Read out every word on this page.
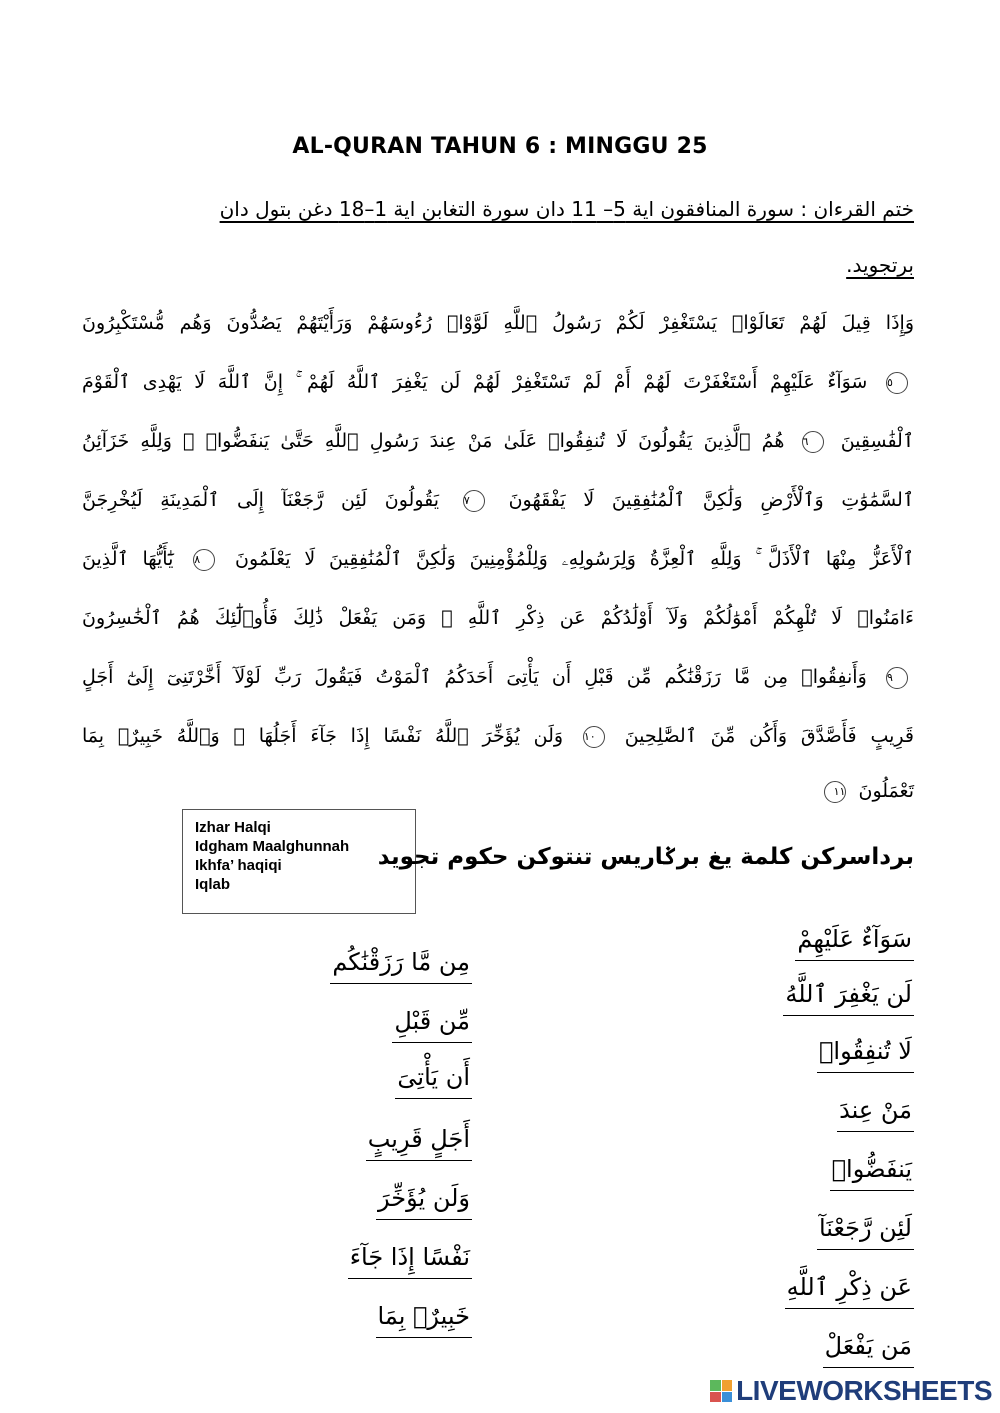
AL-QURAN TAHUN 6 : MINGGU 25
ختم القرءان : سورة المنافقون اية 5– 11 دان سورة التغابن اية 1–18 دغن بتول دان
برتجويد.
وَإِذَا قِيلَ لَهُمْ تَعَالَوْا۟ يَسْتَغْفِرْ لَكُمْ رَسُولُ ٱللَّهِ لَوَّوْا۟ رُءُوسَهُمْ وَرَأَيْتَهُمْ يَصُدُّونَ وَهُم مُّسْتَكْبِرُونَ
٥ سَوَآءٌ عَلَيْهِمْ أَسْتَغْفَرْتَ لَهُمْ أَمْ لَمْ تَسْتَغْفِرْ لَهُمْ لَن يَغْفِرَ ٱللَّهُ لَهُمْ ۚ إِنَّ ٱللَّهَ لَا يَهْدِى ٱلْقَوْمَ
ٱلْفَٰسِقِينَ ٦ هُمُ ٱلَّذِينَ يَقُولُونَ لَا تُنفِقُوا۟ عَلَىٰ مَنْ عِندَ رَسُولِ ٱللَّهِ حَتَّىٰ يَنفَضُّوا۟ ۗ وَلِلَّهِ خَزَآئِنُ
ٱلسَّمَٰوَٰتِ وَٱلْأَرْضِ وَلَٰكِنَّ ٱلْمُنَٰفِقِينَ لَا يَفْقَهُونَ ٧ يَقُولُونَ لَئِن رَّجَعْنَآ إِلَى ٱلْمَدِينَةِ لَيُخْرِجَنَّ
ٱلْأَعَزُّ مِنْهَا ٱلْأَذَلَّ ۚ وَلِلَّهِ ٱلْعِزَّةُ وَلِرَسُولِهِۦ وَلِلْمُؤْمِنِينَ وَلَٰكِنَّ ٱلْمُنَٰفِقِينَ لَا يَعْلَمُونَ ٨ يَٰٓأَيُّهَا ٱلَّذِينَ
ءَامَنُوا۟ لَا تُلْهِكُمْ أَمْوَٰلُكُمْ وَلَآ أَوْلَٰدُكُمْ عَن ذِكْرِ ٱللَّهِ ۚ وَمَن يَفْعَلْ ذَٰلِكَ فَأُو۟لَٰٓئِكَ هُمُ ٱلْخَٰسِرُونَ
٩ وَأَنفِقُوا۟ مِن مَّا رَزَقْنَٰكُم مِّن قَبْلِ أَن يَأْتِىَ أَحَدَكُمُ ٱلْمَوْتُ فَيَقُولَ رَبِّ لَوْلَآ أَخَّرْتَنِىٓ إِلَىٰٓ أَجَلٍ
قَرِيبٍ فَأَصَّدَّقَ وَأَكُن مِّنَ ٱلصَّٰلِحِينَ ١٠ وَلَن يُؤَخِّرَ ٱللَّهُ نَفْسًا إِذَا جَآءَ أَجَلُهَا ۚ وَٱللَّهُ خَبِيرٌۢ بِمَا
تَعْمَلُونَ ١١
Izhar Halqi
Idgham Maalghunnah
Ikhfa’ haqiqi
Iqlab
برداسركن كلمة يغ برݢاريس تنتوكن حكوم تجويد
سَوَآءٌ عَلَيْهِمْ
لَن يَغْفِرَ ٱللَّهُ
لَا تُنفِقُوا۟
مَنْ عِندَ
يَنفَضُّوا۟
لَئِن رَّجَعْنَآ
عَن ذِكْرِ ٱللَّهِ
مَن يَفْعَلْ
مِن مَّا رَزَقْنَٰكُم
مِّن قَبْلِ
أَن يَأْتِىَ
أَجَلٍ قَرِيبٍ
وَلَن يُؤَخِّرَ
نَفْسًا إِذَا جَآءَ
خَبِيرٌۢ بِمَا
LIVEWORKSHEETS
